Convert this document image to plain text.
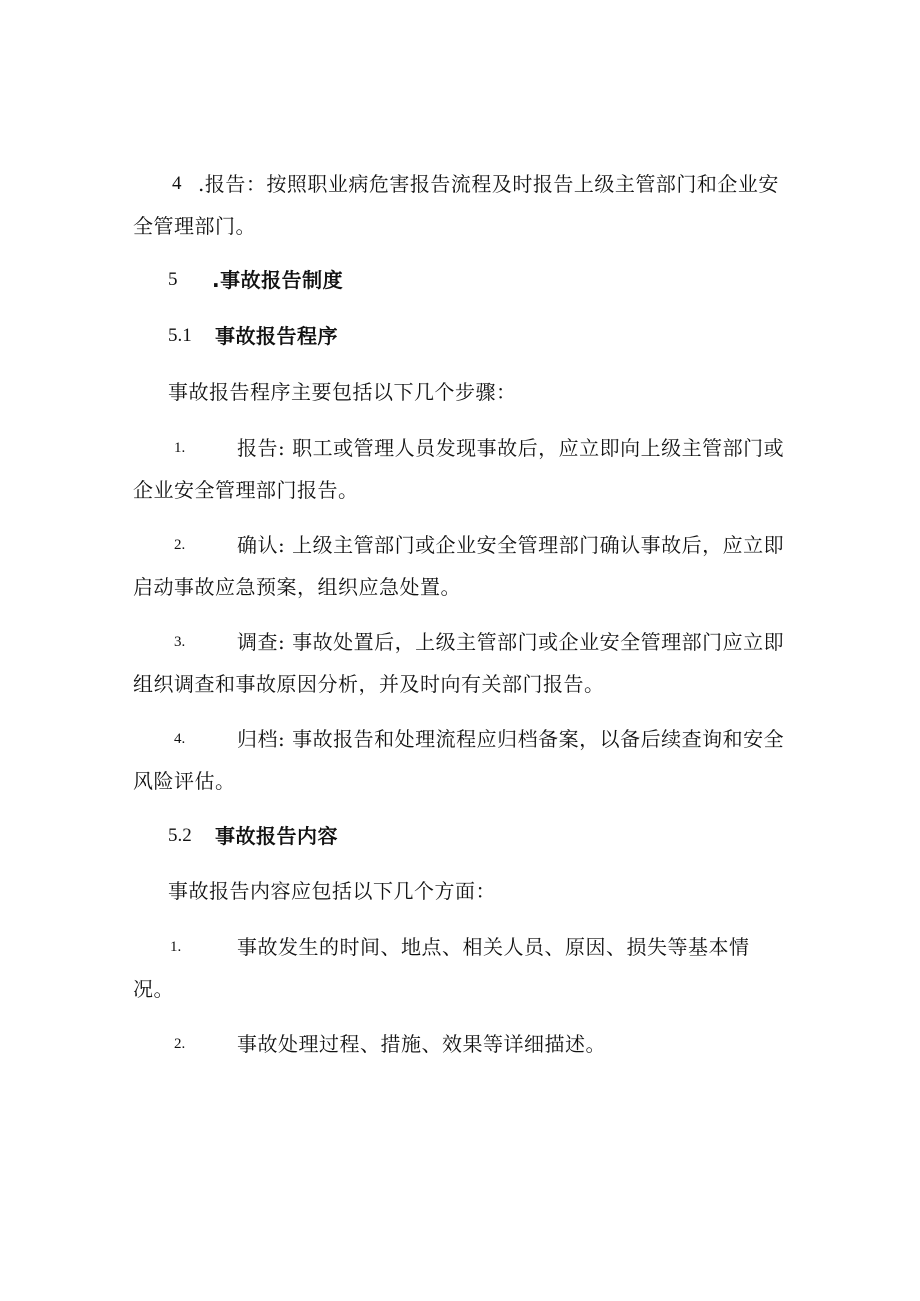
4 .报告：按照职业病危害报告流程及时报告上级主管部门和企业安
全管理部门。
5 .事故报告制度
5.1 事故报告程序
事故报告程序主要包括以下几个步骤：
1.	报告: 职工或管理人员发现事故后，应立即向上级主管部门或
企业安全管理部门报告。
2.	确认: 上级主管部门或企业安全管理部门确认事故后，应立即
启动事故应急预案，组织应急处置。
3.	调查: 事故处置后，上级主管部门或企业安全管理部门应立即
组织调查和事故原因分析，并及时向有关部门报告。
4.	归档: 事故报告和处理流程应归档备案，以备后续查询和安全
风险评估。
5.2 事故报告内容
事故报告内容应包括以下几个方面：
1.	事故发生的时间、地点、相关人员、原因、损失等基本情
况。
2.	事故处理过程、措施、效果等详细描述。
